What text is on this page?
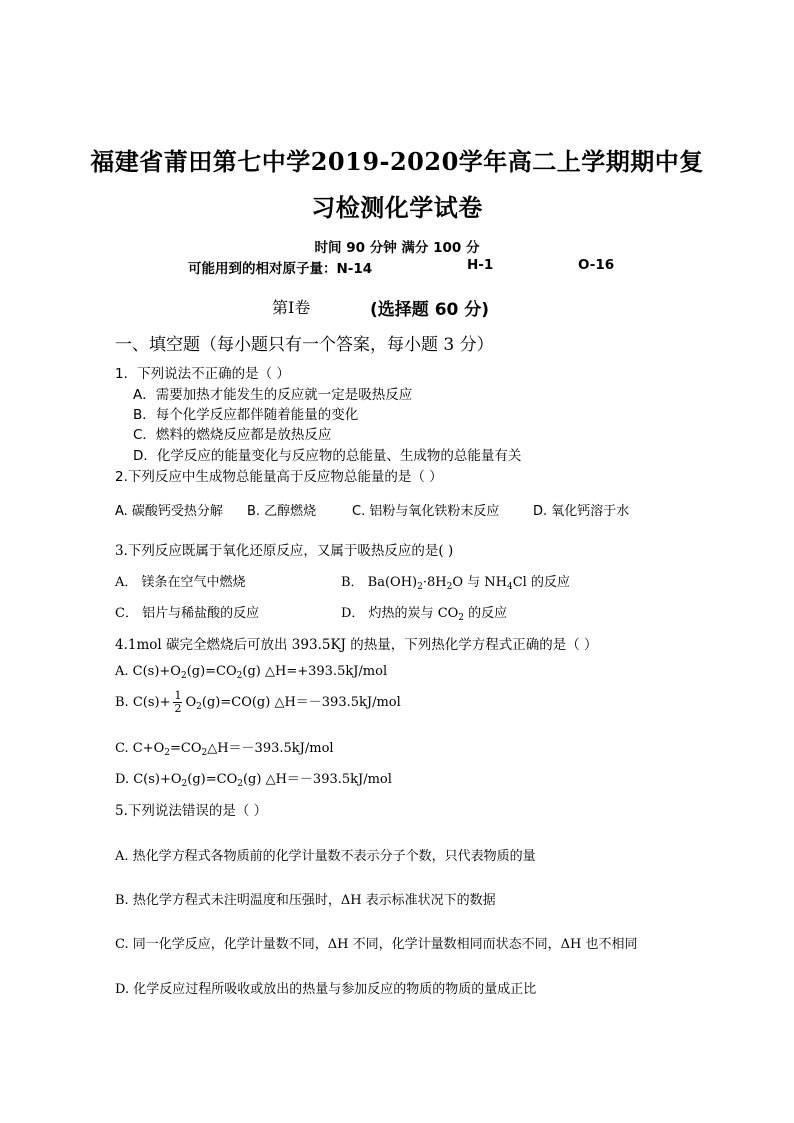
福建省莆田第七中学2019-2020学年高二上学期期中复
习检测化学试卷
时间 90 分钟 满分 100 分
可能用到的相对原子量：N-14	H-1	O-16
第Ⅰ卷	(选择题 60 分)
一、填空题（每小题只有一个答案，每小题 3 分）
1．下列说法不正确的是（ ）
A．需要加热才能发生的反应就一定是吸热反应
B．每个化学反应都伴随着能量的变化
C．燃料的燃烧反应都是放热反应
D．化学反应的能量变化与反应物的总能量、生成物的总能量有关
2.下列反应中生成物总能量高于反应物总能量的是（ ）
A. 碳酸钙受热分解 B. 乙醇燃烧	C. 铝粉与氧化铁粉末反应	D. 氧化钙溶于水
3.下列反应既属于氧化还原反应，又属于吸热反应的是( )
A． 镁条在空气中燃烧	B． $Ba(OH)_2\cdot 8H_2O$ 与 $NH_4Cl$ 的反应
C． 铝片与稀盐酸的反应	D． 灼热的炭与 $CO_2$ 的反应
4.1mol 碳完全燃烧后可放出 393.5KJ 的热量，下列热化学方程式正确的是（ ）
A. $C(s)+O_2(g)=CO_2(g)$ △H=+393.5kJ/mol
B. $C(s)+ \frac{1}{2} O_2(g)=CO(g)$ △H＝－393.5kJ/mol
C. $C+O_2=CO_2\triangle H=-393.5kJ$/mol
D. $C(s)+O_2(g)=CO_2(g)$ △H＝－393.5kJ/mol
5.下列说法错误的是（ ）
A. 热化学方程式各物质前的化学计量数不表示分子个数，只代表物质的量
B. 热化学方程式未注明温度和压强时，ΔH 表示标准状况下的数据
C. 同一化学反应，化学计量数不同，ΔH 不同，化学计量数相同而状态不同，ΔH 也不相同
D. 化学反应过程所吸收或放出的热量与参加反应的物质的物质的量成正比
